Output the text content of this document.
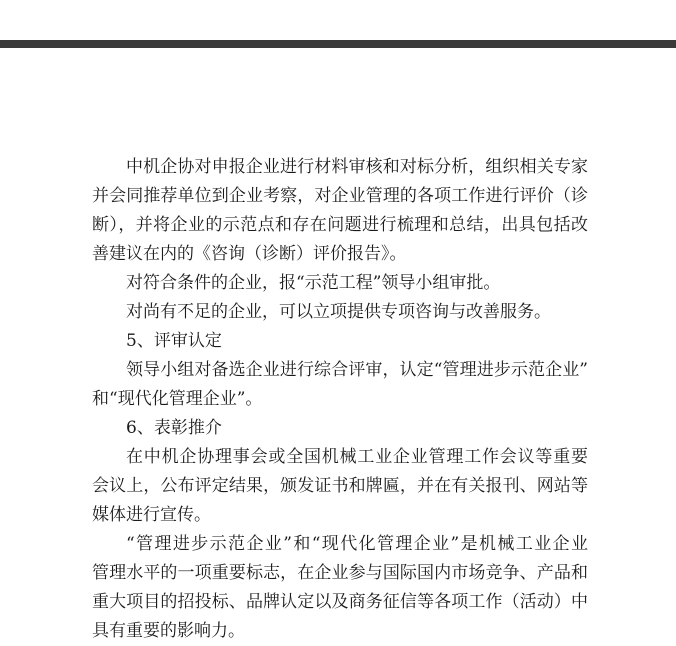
中机企协对申报企业进行材料审核和对标分析，组织相关专家
并会同推荐单位到企业考察，对企业管理的各项工作进行评价（诊
断），并将企业的示范点和存在问题进行梳理和总结，出具包括改
善建议在内的《咨询（诊断）评价报告》。
对符合条件的企业，报“示范工程”领导小组审批。
对尚有不足的企业，可以立项提供专项咨询与改善服务。
5、评审认定
领导小组对备选企业进行综合评审，认定“管理进步示范企业”
和“现代化管理企业”。
6、表彰推介
在中机企协理事会或全国机械工业企业管理工作会议等重要
会议上，公布评定结果，颁发证书和牌匾，并在有关报刊、网站等
媒体进行宣传。
“管理进步示范企业”和“现代化管理企业”是机械工业企业
管理水平的一项重要标志，在企业参与国际国内市场竞争、产品和
重大项目的招投标、品牌认定以及商务征信等各项工作（活动）中
具有重要的影响力。
